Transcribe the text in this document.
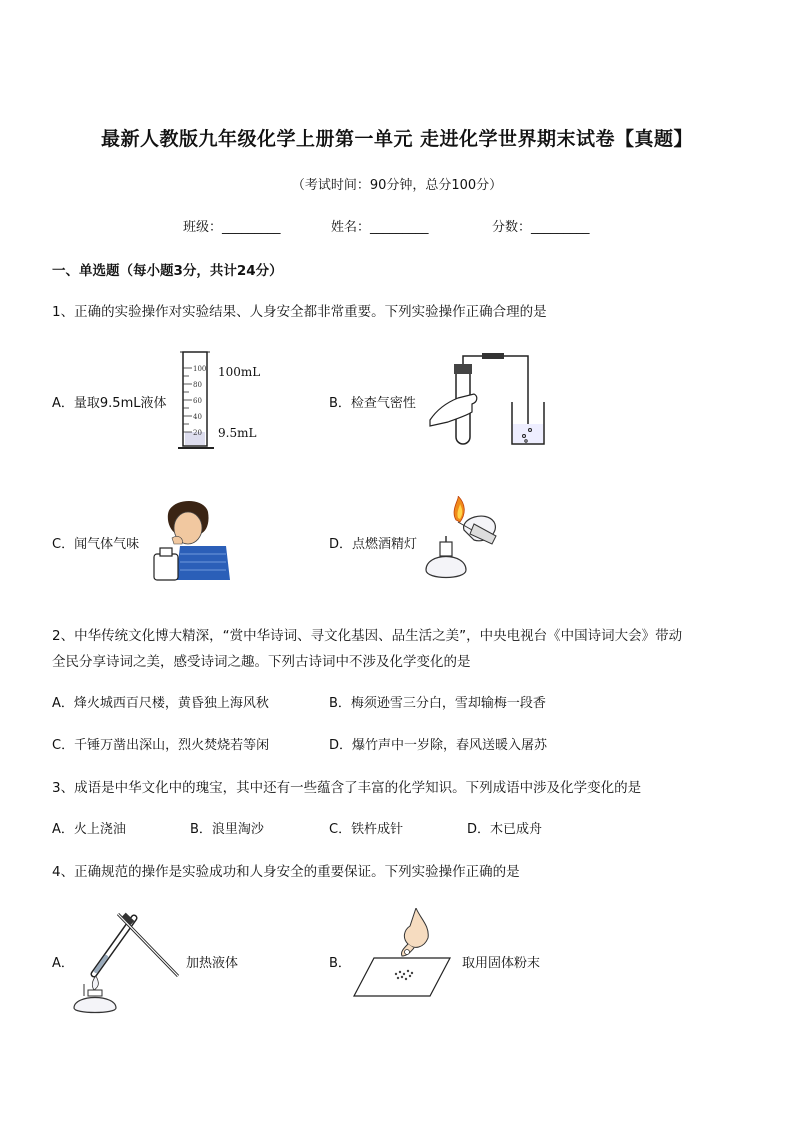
最新人教版九年级化学上册第一单元 走进化学世界期末试卷【真题】
（考试时间：90分钟，总分100分）
班级：_________	姓名：_________	分数：_________
一、单选题（每小题3分，共计24分）
1、正确的实验操作对实验结果、人身安全都非常重要。下列实验操作正确合理的是
A．量取9.5mL液体
100
80
60
40
20
100mL
9.5mL
B．检查气密性
C．闻气体气味	D．点燃酒精灯
2、中华传统文化博大精深，“赏中华诗词、寻文化基因、品生活之美”，中央电视台《中国诗词大会》带动
全民分享诗词之美，感受诗词之趣。下列古诗词中不涉及化学变化的是
A．烽火城西百尺楼，黄昏独上海风秋	B．梅须逊雪三分白，雪却输梅一段香
C．千锤万凿出深山，烈火焚烧若等闲	D．爆竹声中一岁除，春风送暖入屠苏
3、成语是中华文化中的瑰宝，其中还有一些蕴含了丰富的化学知识。下列成语中涉及化学变化的是
A．火上浇油	B．浪里淘沙	C．铁杵成针	D．木已成舟
4、正确规范的操作是实验成功和人身安全的重要保证。下列实验操作正确的是
A．	加热液体	B．	取用固体粉末
